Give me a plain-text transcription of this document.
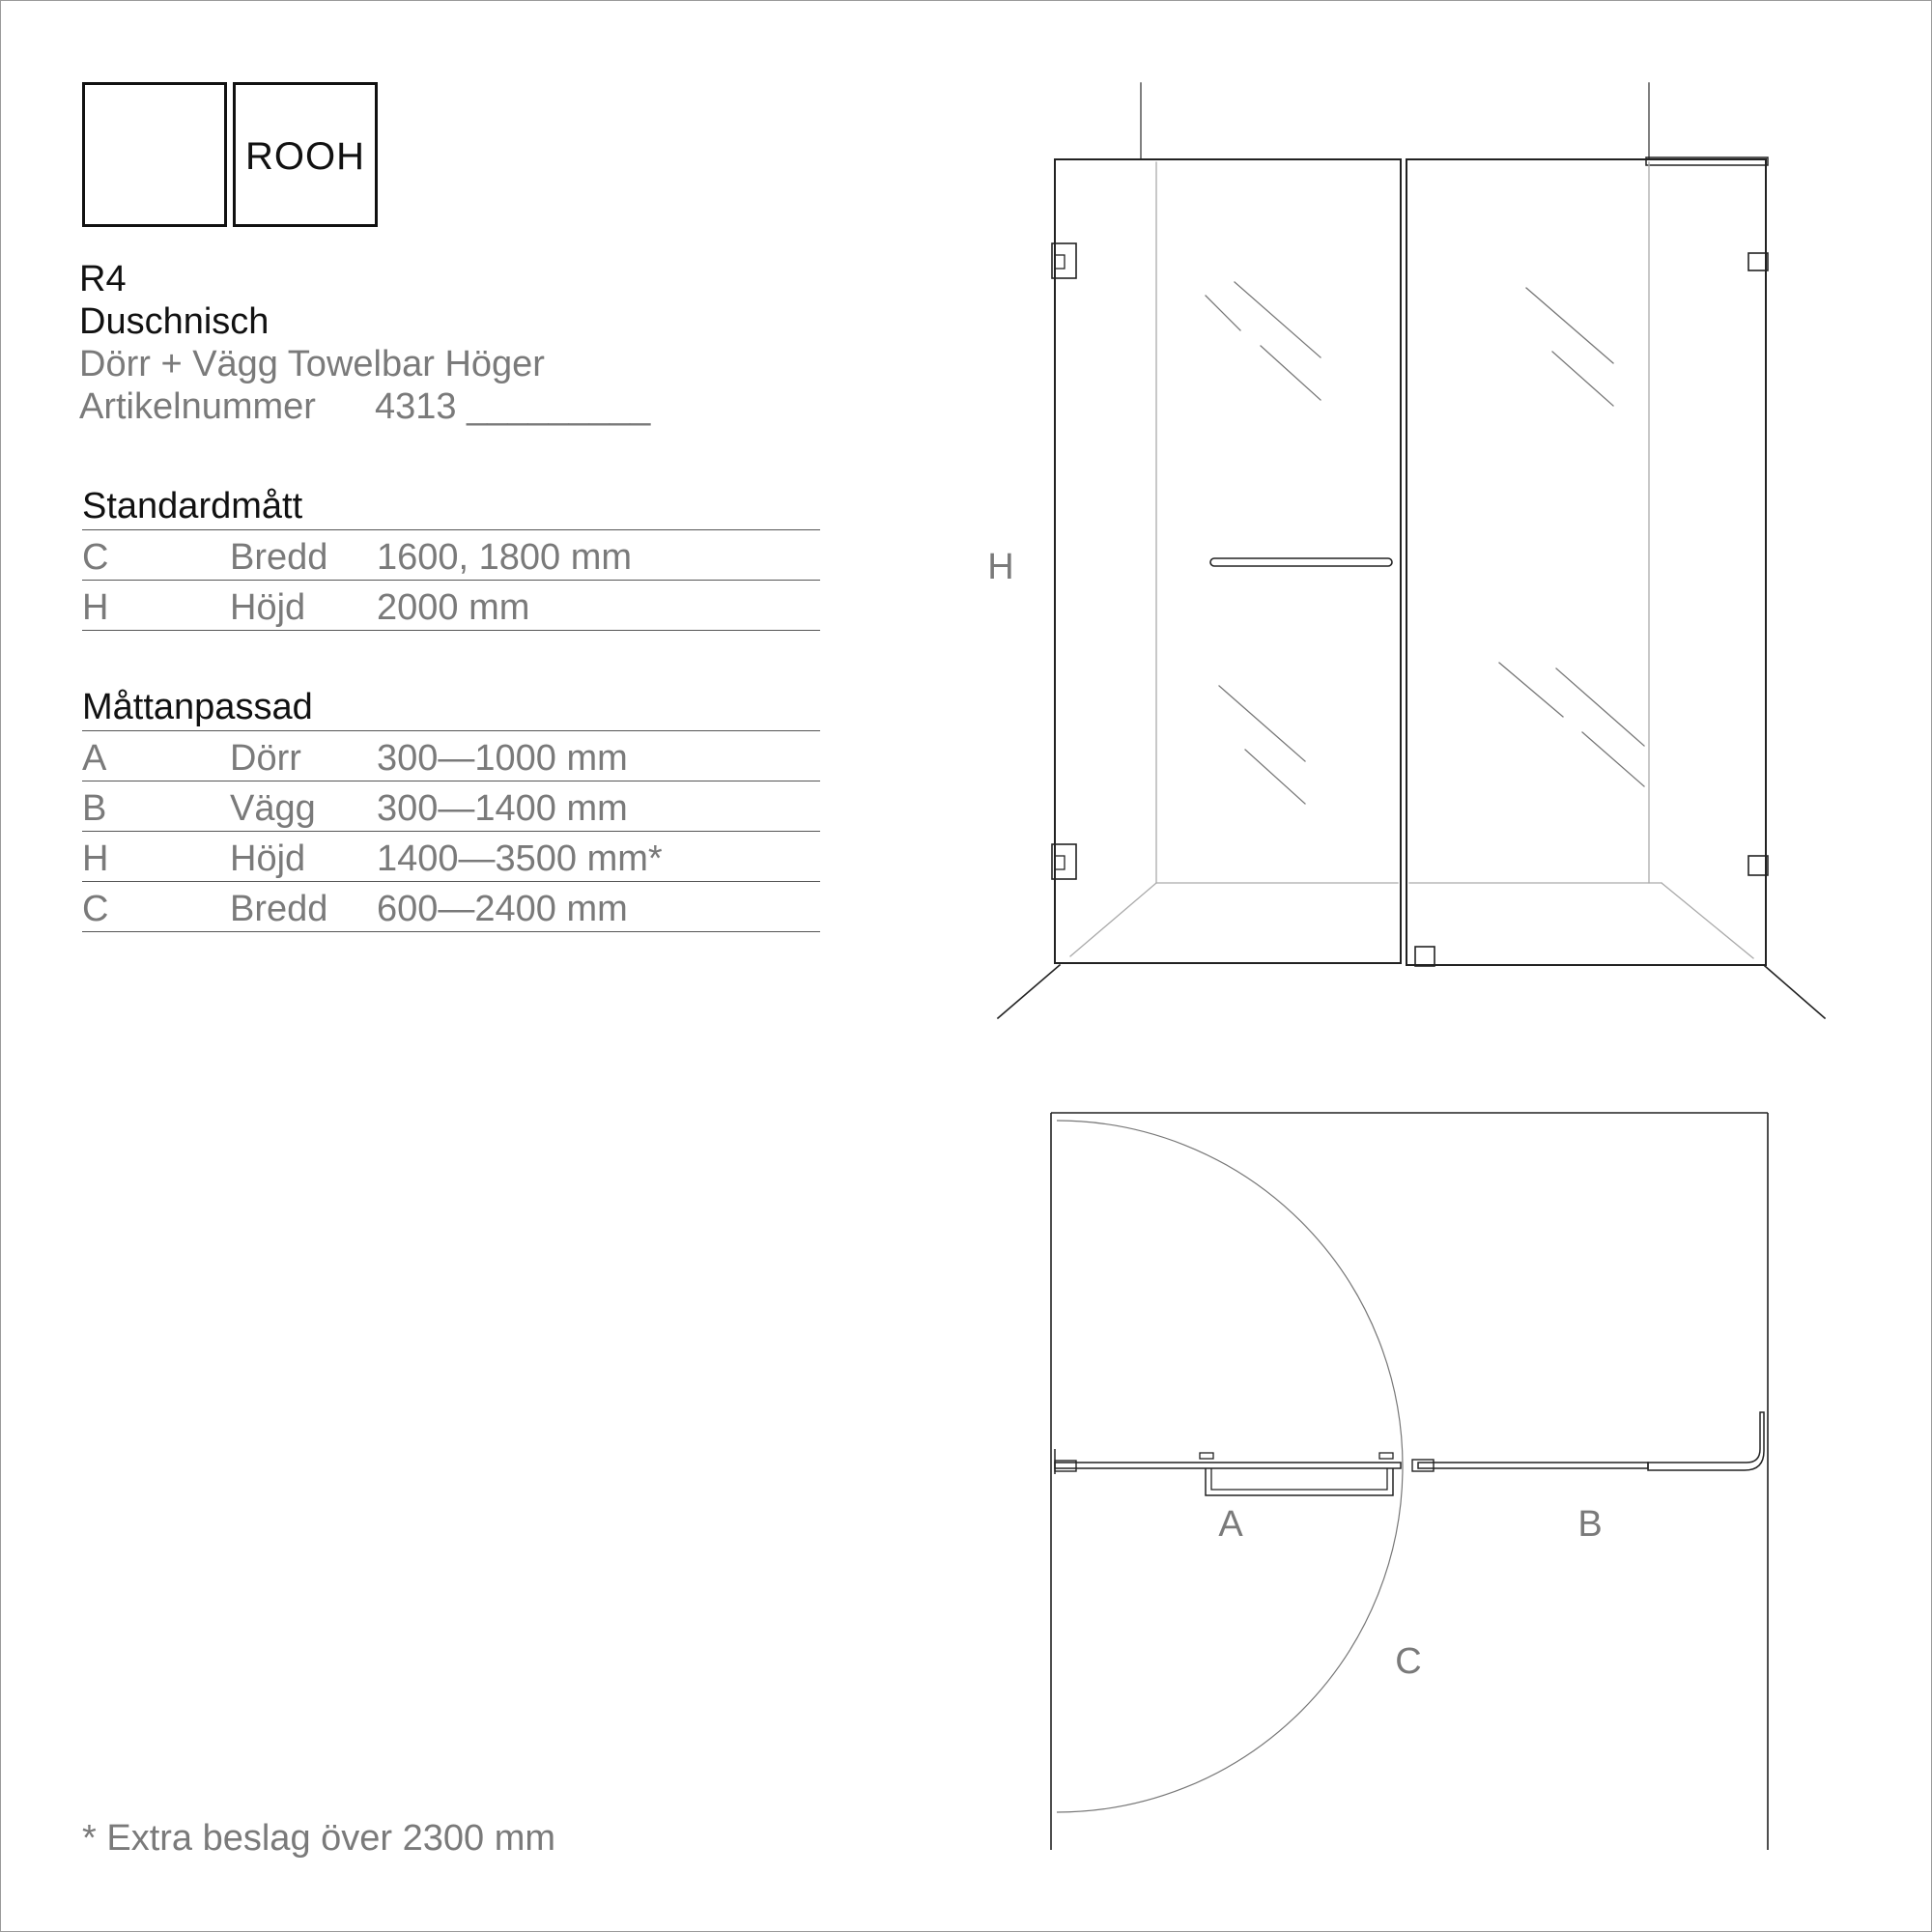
ROOH
R4
Duschnisch
Dörr + Vägg Towelbar Höger
Artikelnummer 4313 _________
Standardmått
C	Bredd 1600, 1800 mm
H	Höjd 2000 mm
Måttanpassad
A	Dörr 300—1000 mm
B	Vägg 300—1400 mm
H	Höjd 1400—3500 mm*
C	Bredd 600—2400 mm
* Extra beslag över 2300 mm
H
A	B
C
